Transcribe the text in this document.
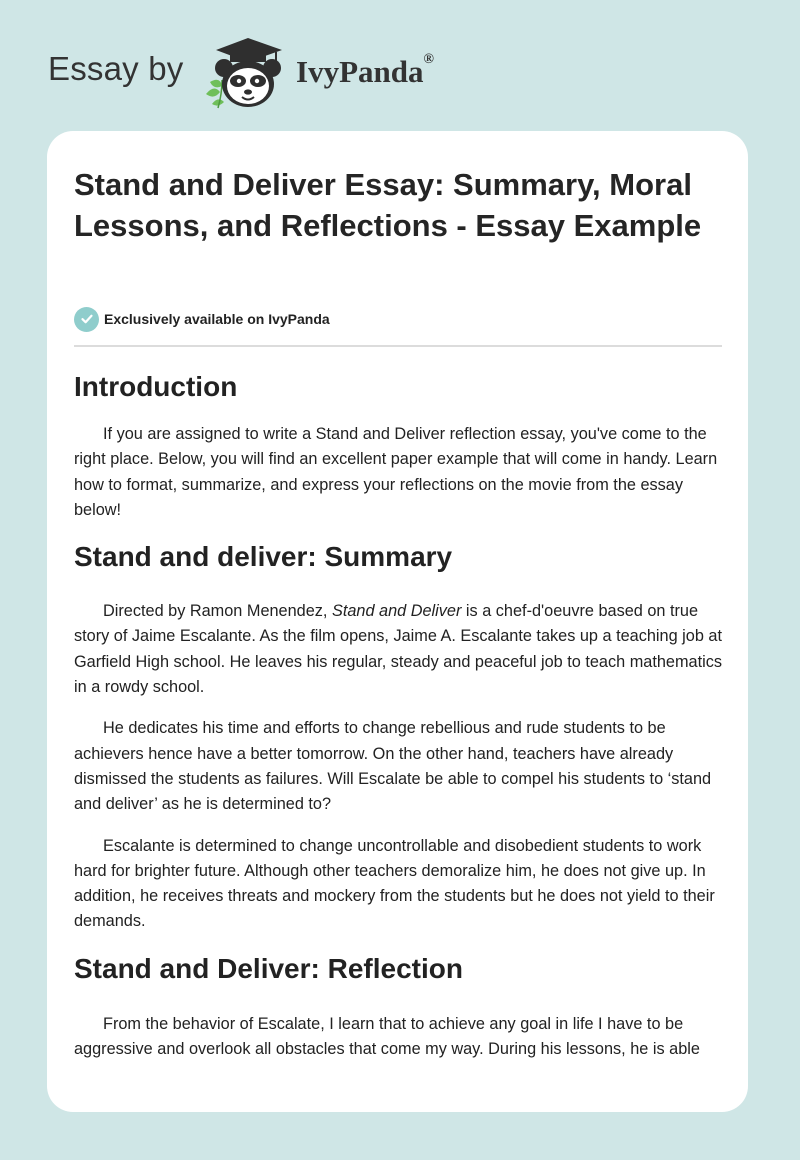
Essay by	IvyPanda®
Stand and Deliver Essay: Summary, Moral Lessons, and Reflections - Essay Example
Exclusively available on IvyPanda
Introduction

If you are assigned to write a Stand and Deliver reflection essay, you've come to the right place. Below, you will find an excellent paper example that will come in handy. Learn how to format, summarize, and express your reflections on the movie from the essay below!

Stand and deliver: Summary

Directed by Ramon Menendez, Stand and Deliver is a chef-d'oeuvre based on true story of Jaime Escalante. As the film opens, Jaime A. Escalante takes up a teaching job at Garfield High school. He leaves his regular, steady and peaceful job to teach mathematics in a rowdy school.

He dedicates his time and efforts to change rebellious and rude students to be achievers hence have a better tomorrow. On the other hand, teachers have already dismissed the students as failures. Will Escalate be able to compel his students to ‘stand and deliver’ as he is determined to?

Escalante is determined to change uncontrollable and disobedient students to work hard for brighter future. Although other teachers demoralize him, he does not give up. In addition, he receives threats and mockery from the students but he does not yield to their demands.

Stand and Deliver: Reflection

From the behavior of Escalate, I learn that to achieve any goal in life I have to be aggressive and overlook all obstacles that come my way. During his lessons, he is able
